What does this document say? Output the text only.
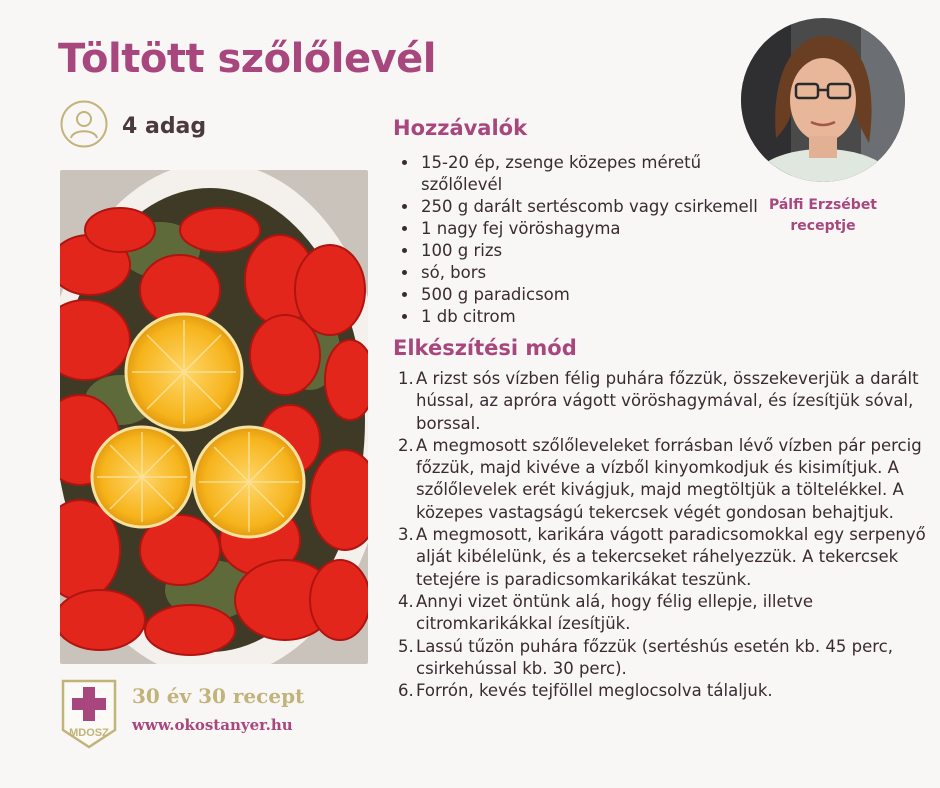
Töltött szőlőlevél
4 adag
Pálfi Erzsébet
receptje
Hozzávalók
• 15-20 ép, zsenge közepes méretű szőlőlevél
• 250 g darált sertéscomb vagy csirkemell
• 1 nagy fej vöröshagyma
• 100 g rizs
• só, bors
• 500 g paradicsom
• 1 db citrom
Elkészítési mód
A rizst sós vízben félig puhára főzzük, összekeverjük a darált hússal, az apróra vágott vöröshagymával, és ízesítjük sóval, borssal.
A megmosott szőlőleveleket forrásban lévő vízben pár percig főzzük, majd kivéve a vízből kinyomkodjuk és kisimítjuk. A szőlőlevelek erét kivágjuk, majd megtöltjük a töltelékkel. A közepes vastagságú tekercsek végét gondosan behajtjuk.
A megmosott, karikára vágott paradicsomokkal egy serpenyő alját kibélelünk, és a tekercseket ráhelyezzük. A tekercsek tetejére is paradicsomkarikákat teszünk.
Annyi vizet öntünk alá, hogy félig ellepje, illetve citromkarikákkal ízesítjük.
Lassú tűzön puhára főzzük (sertéshús esetén kb. 45 perc, csirkehússal kb. 30 perc).
Forrón, kevés tejföllel meglocsolva tálaljuk.
MDOSZ
30 év 30 recept
www.okostanyer.hu
